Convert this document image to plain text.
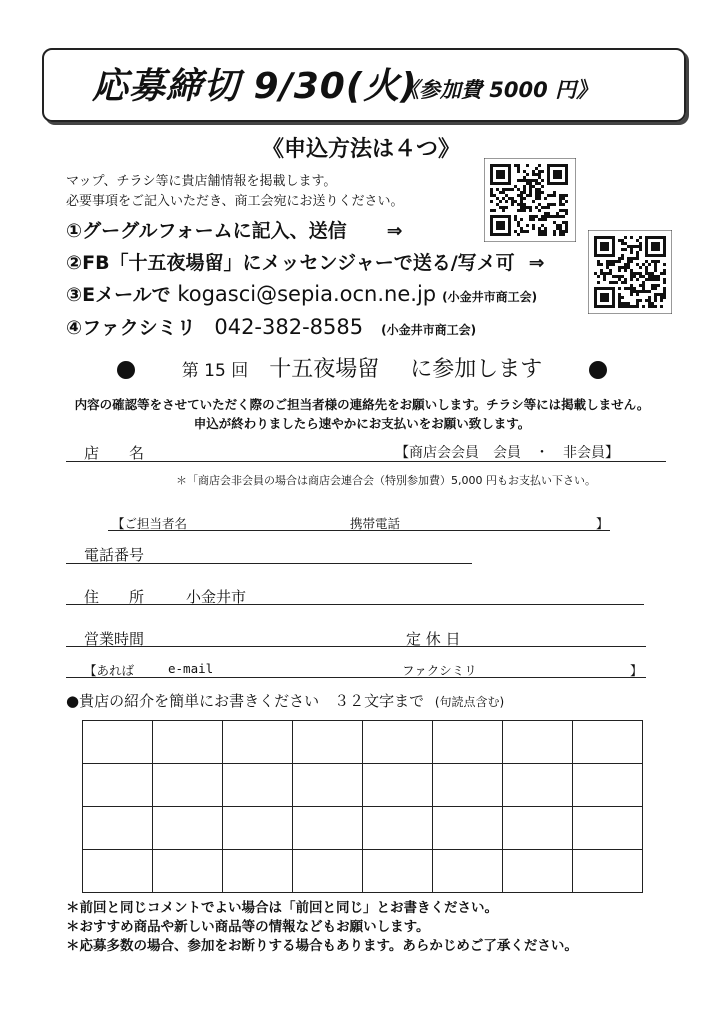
応募締切 9/30(火)
《参加費 5000 円》
《申込方法は４つ》
マップ、チラシ等に貴店舗情報を掲載します。
必要事項をご記入いただき、商工会宛にお送りください。
①グーグルフォームに記入、送信 ⇒
②FB「十五夜場留」にメッセンジャーで送る/写メ可 ⇒
③Eメールで kogasci@sepia.ocn.ne.jp (小金井市商工会)
④ファクシミリ 042-382-8585 (小金井市商工会)
第 15 回 十五夜場留 に参加します
内容の確認等をさせていただく際のご担当者様の連絡先をお願いします。チラシ等には掲載しません。
申込が終わりましたら速やかにお支払いをお願い致します。
店　　名	【商店会会員　会員　・　非会員】
＊「商店会非会員の場合は商店会連合会（特別参加費）5,000 円もお支払い下さい。
【ご担当者名	携帯電話	】
電話番号
住　　所	小金井市
営業時間	定 休 日
【あれば	e-mail	ファクシミリ	】
●貴店の紹介を簡単にお書きください　３２文字まで (句読点含む)
＊前回と同じコメントでよい場合は「前回と同じ」とお書きください。
＊おすすめ商品や新しい商品等の情報などもお願いします。
＊応募多数の場合、参加をお断りする場合もあります。あらかじめご了承ください。
